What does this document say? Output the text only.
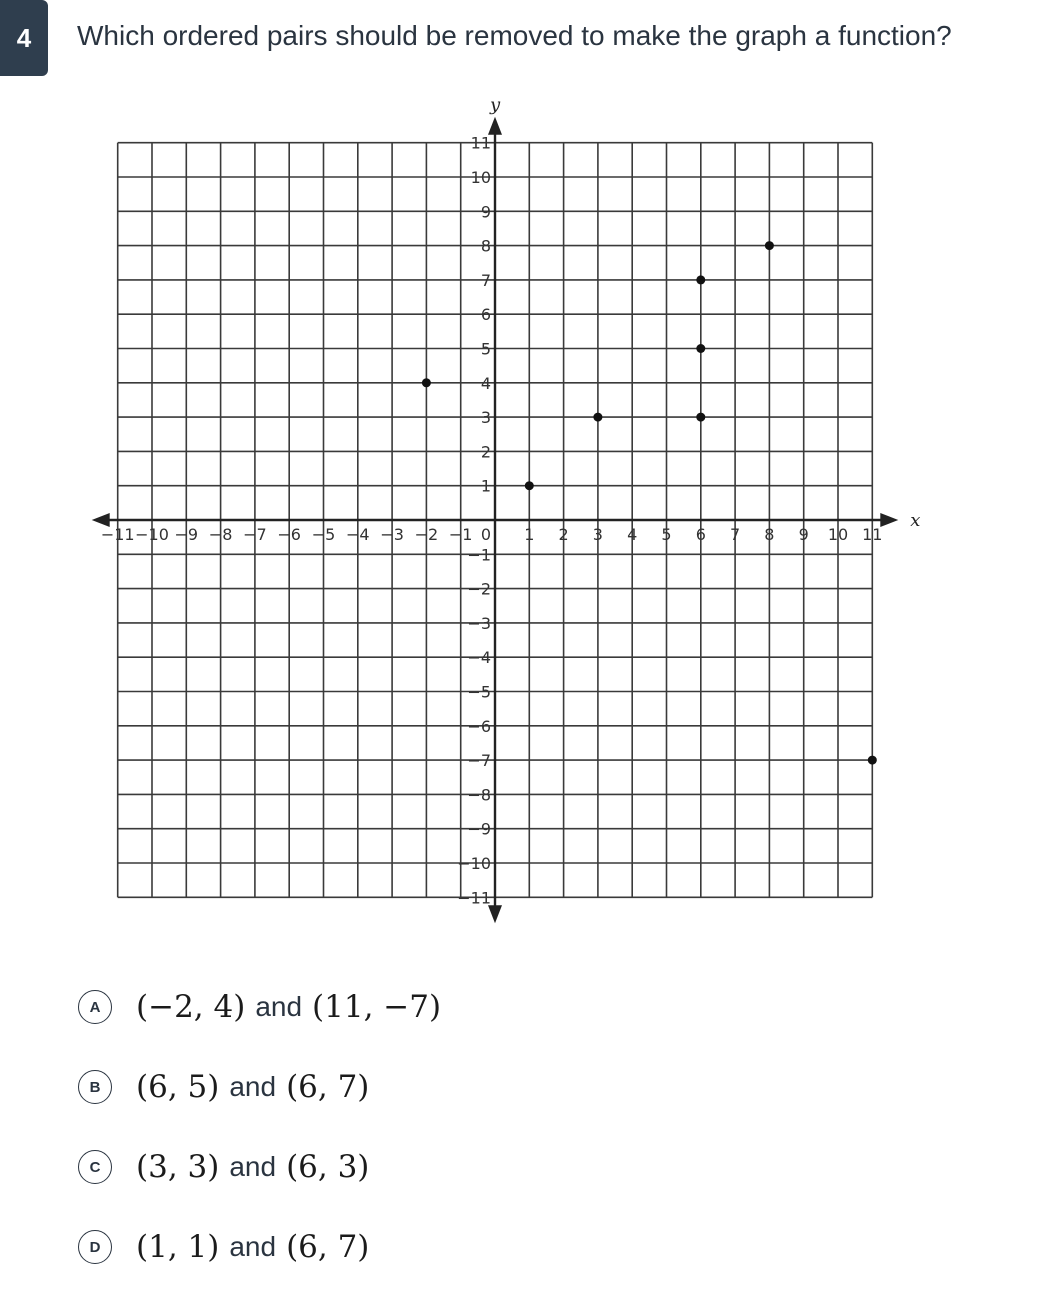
4	Which ordered pairs should be removed to make the graph a function?
x
y
−11 −10 −9 −8 −7 −6 −5 −4 −3 −2 −1 0 1 2 3 4 5 6 7 8 9 10 11
−11
−10
−9
−8
−7
−6
−5
−4
−3
−2
−1
1
2
3
4
5
6
7
8
9
10
11
A	(−2, 4) and (11, −7)
B	(6, 5) and (6, 7)
C	(3, 3) and (6, 3)
D	(1, 1) and (6, 7)
